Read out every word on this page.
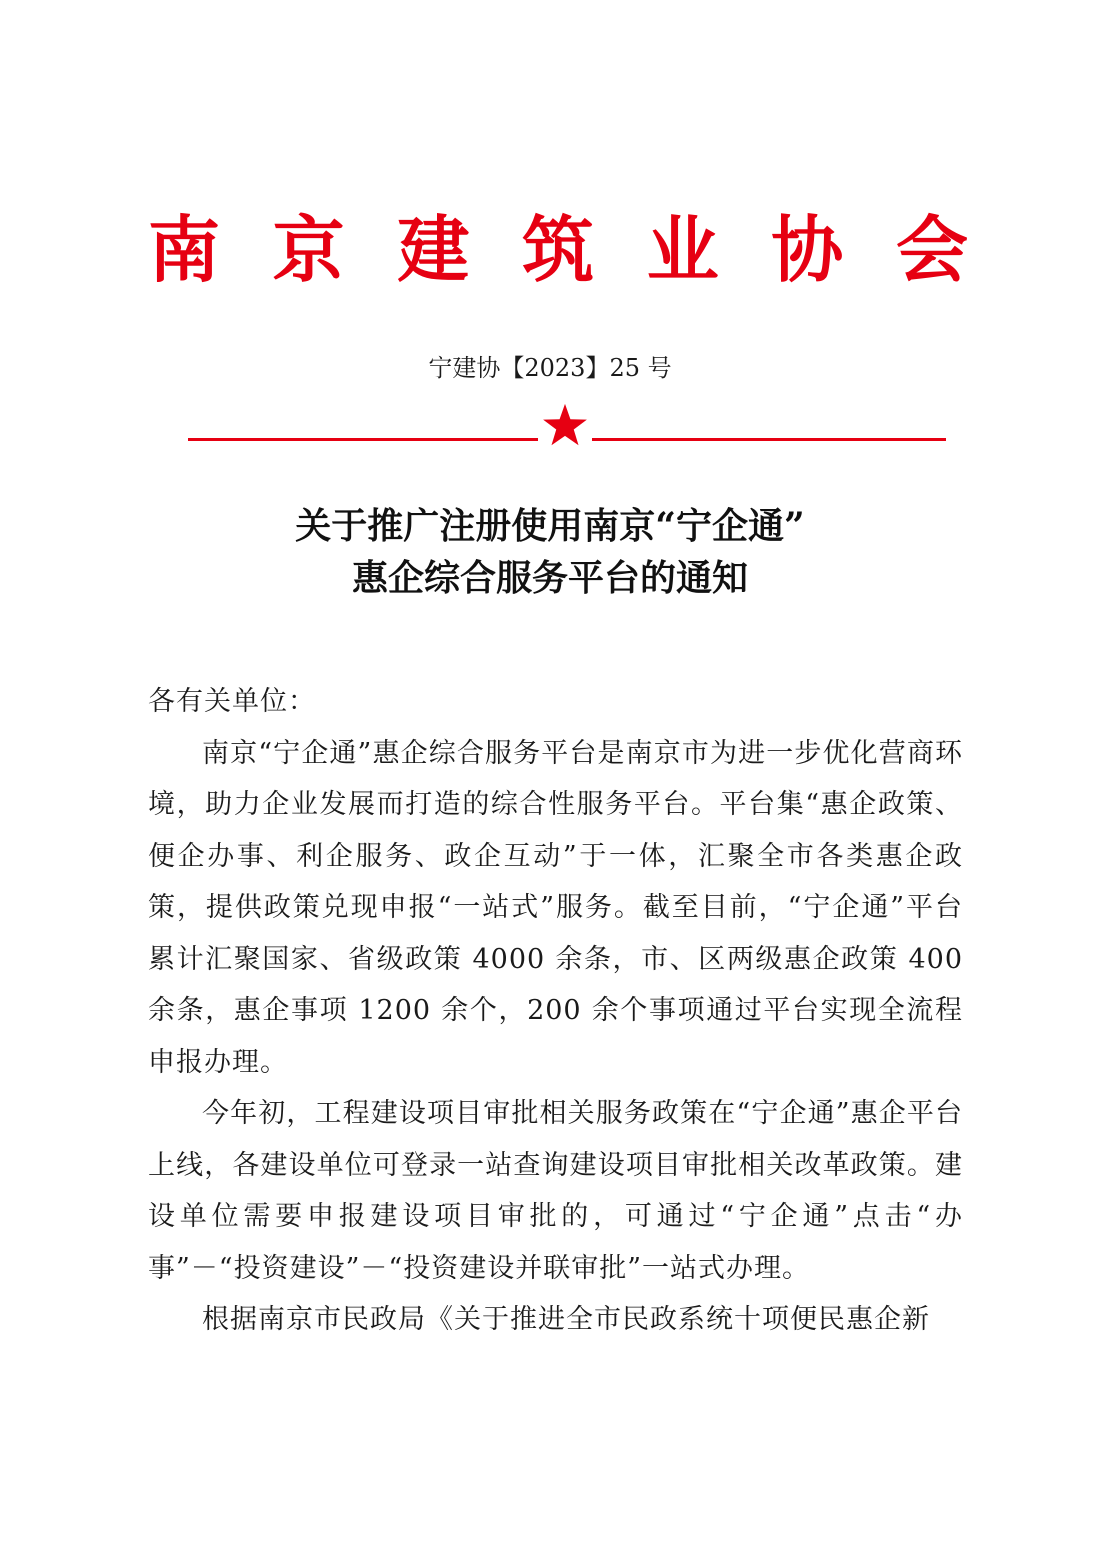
南 京 建 筑 业 协 会
宁建协【2023】25 号
关于推广注册使用南京“宁企通”
惠企综合服务平台的通知

各有关单位：

南京“宁企通”惠企综合服务平台是南京市为进一步优化营商环境，助力企业发展而打造的综合性服务平台。平台集“惠企政策、便企办事、利企服务、政企互动”于一体，汇聚全市各类惠企政策，提供政策兑现申报“一站式”服务。截至目前，“宁企通”平台累计汇聚国家、省级政策 4000 余条，市、区两级惠企政策 400 余条，惠企事项 1200 余个，200 余个事项通过平台实现全流程申报办理。

今年初，工程建设项目审批相关服务政策在“宁企通”惠企平台上线，各建设单位可登录一站查询建设项目审批相关改革政策。建设单位需要申报建设项目审批的，可通过“宁企通”点击“办事”－“投资建设”－“投资建设并联审批”一站式办理。

根据南京市民政局《关于推进全市民政系统十项便民惠企新
